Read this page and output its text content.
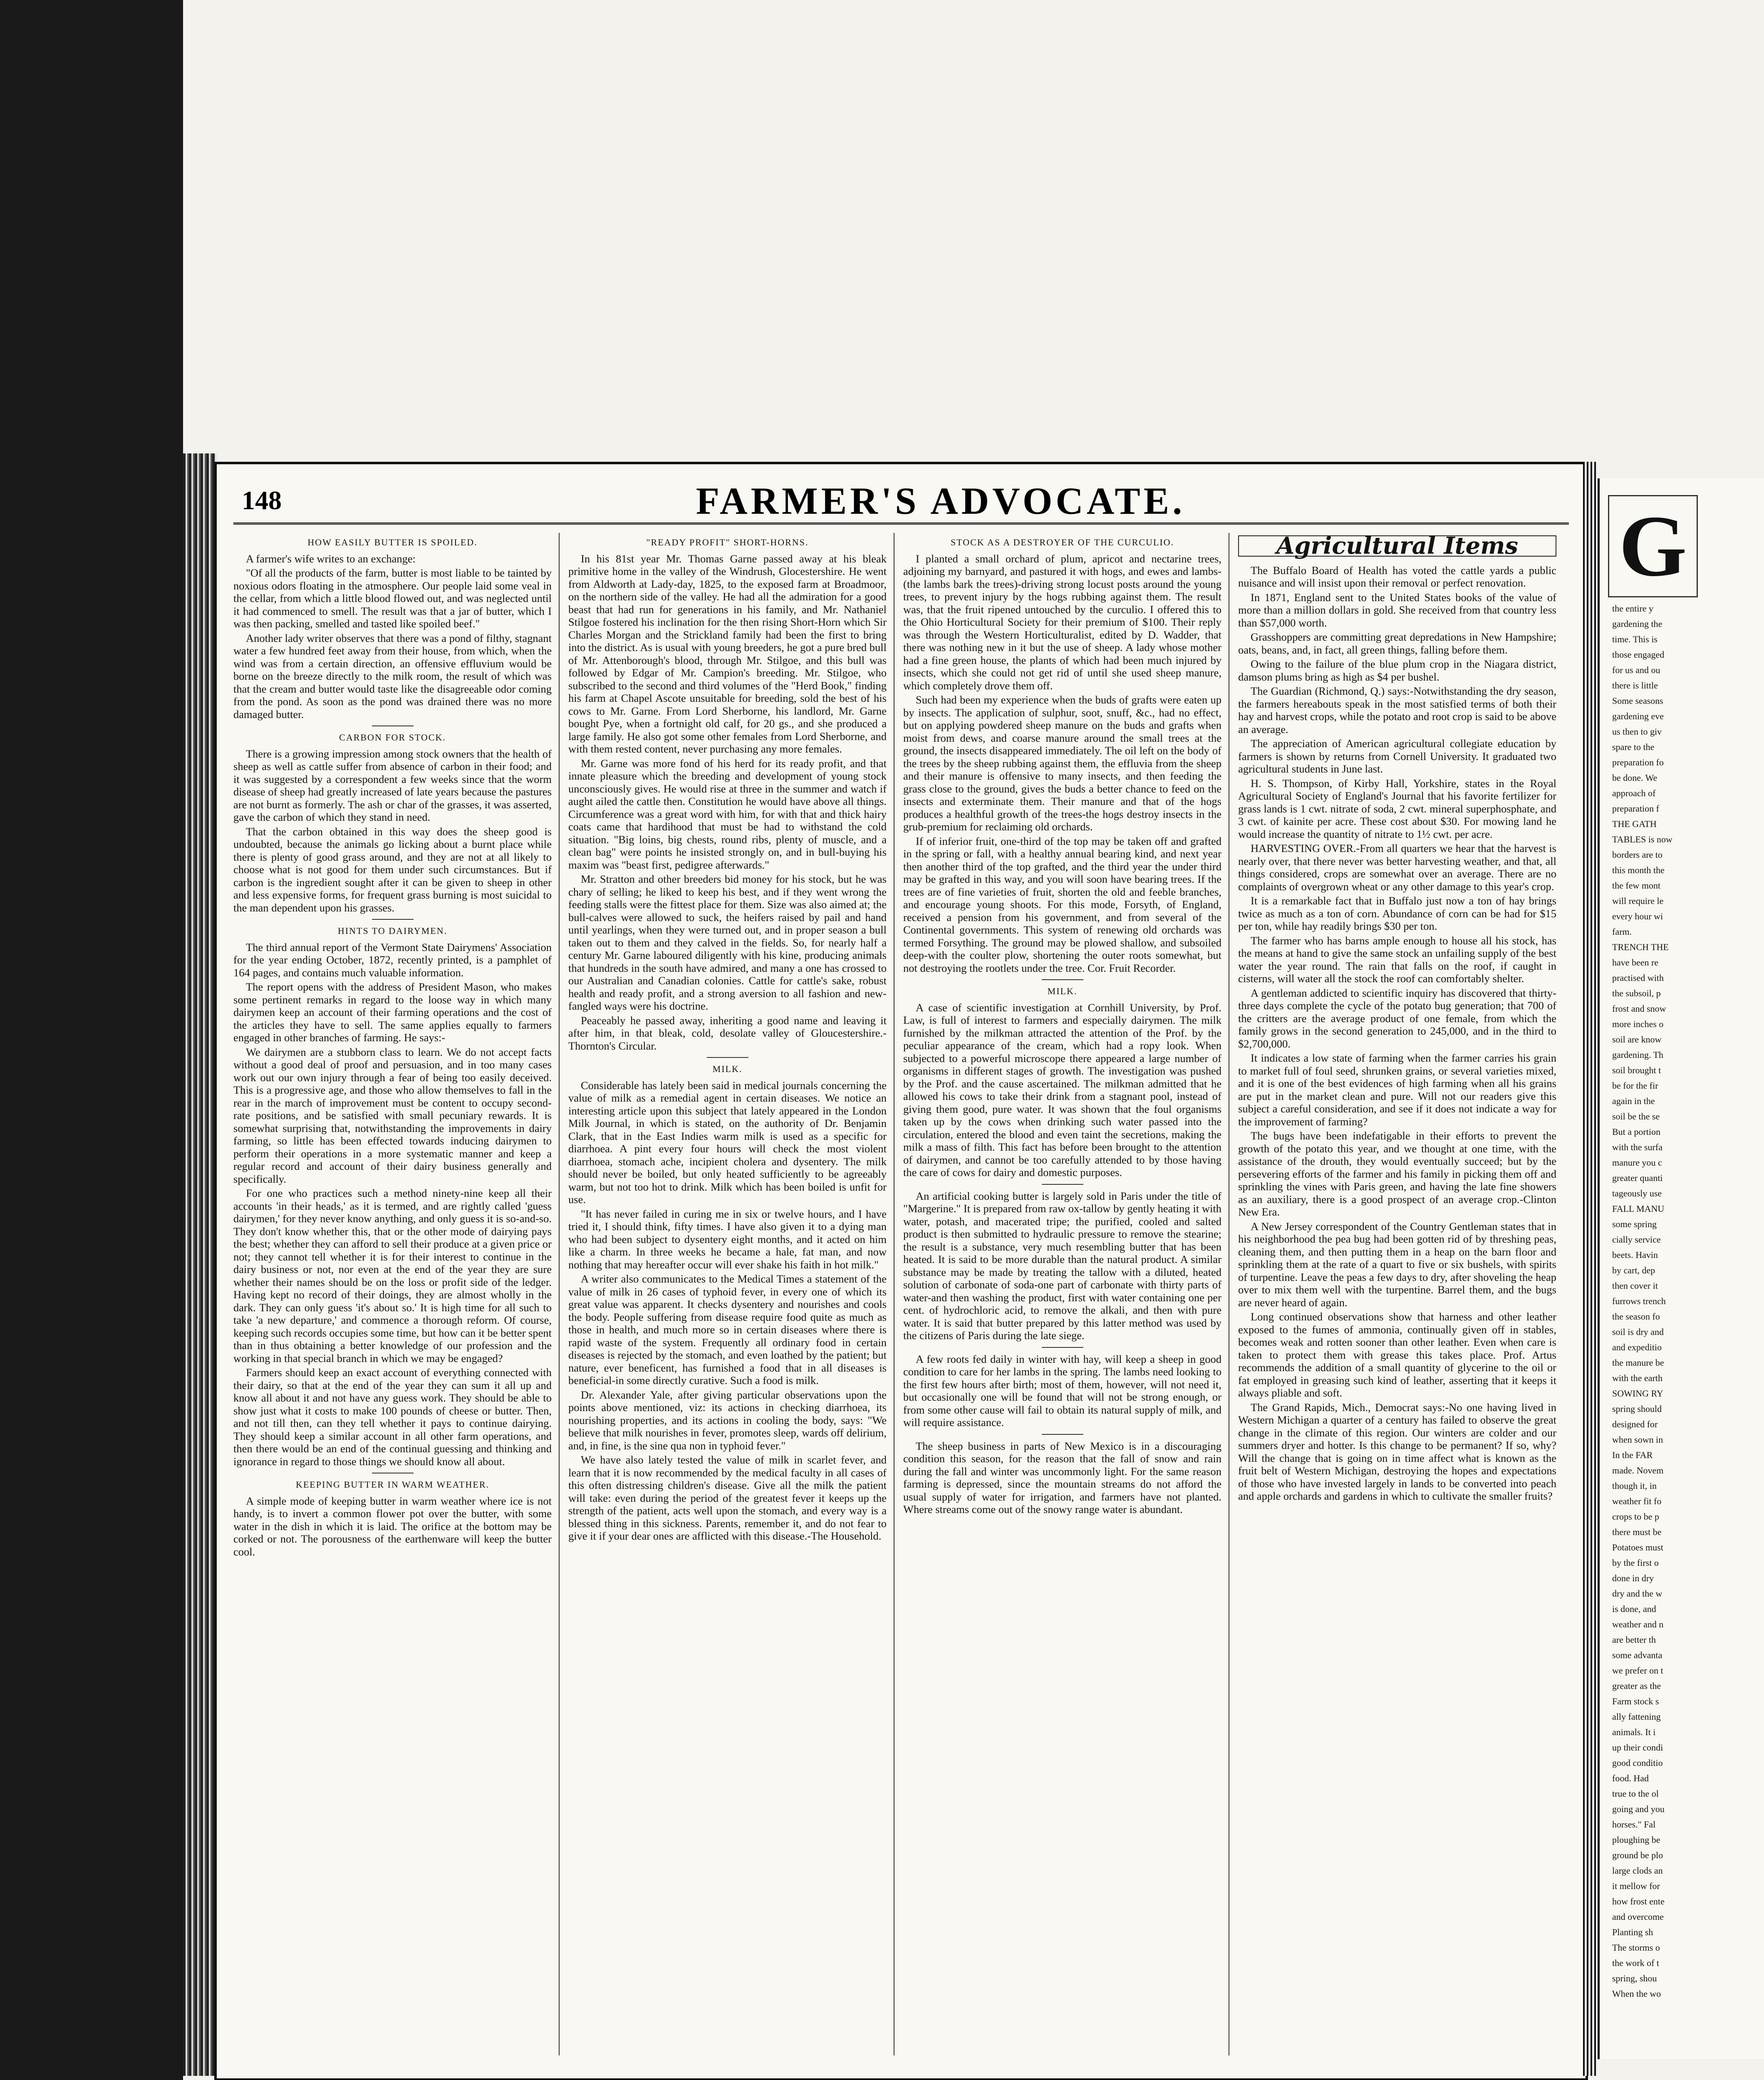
148	FARMER'S ADVOCATE.
HOW EASILY BUTTER IS SPOILED.

A farmer's wife writes to an exchange:

"Of all the products of the farm, butter is most liable to be tainted by noxious odors floating in the atmosphere. Our people laid some veal in the cellar, from which a little blood flowed out, and was neglected until it had commenced to smell. The result was that a jar of butter, which I was then packing, smelled and tasted like spoiled beef."

Another lady writer observes that there was a pond of filthy, stagnant water a few hundred feet away from their house, from which, when the wind was from a certain direction, an offensive effluvium would be borne on the breeze directly to the milk room, the result of which was that the cream and butter would taste like the disagreeable odor coming from the pond. As soon as the pond was drained there was no more damaged butter.

CARBON FOR STOCK.

There is a growing impression among stock owners that the health of sheep as well as cattle suffer from absence of carbon in their food; and it was suggested by a correspondent a few weeks since that the worm disease of sheep had greatly increased of late years because the pastures are not burnt as formerly. The ash or char of the grasses, it was asserted, gave the carbon of which they stand in need.

That the carbon obtained in this way does the sheep good is undoubted, because the animals go licking about a burnt place while there is plenty of good grass around, and they are not at all likely to choose what is not good for them under such circumstances. But if carbon is the ingredient sought after it can be given to sheep in other and less expensive forms, for frequent grass burning is most suicidal to the man dependent upon his grasses.

HINTS TO DAIRYMEN.

The third annual report of the Vermont State Dairymens' Association for the year ending October, 1872, recently printed, is a pamphlet of 164 pages, and contains much valuable information.

The report opens with the address of President Mason, who makes some pertinent remarks in regard to the loose way in which many dairymen keep an account of their farming operations and the cost of the articles they have to sell. The same applies equally to farmers engaged in other branches of farming. He says:-

We dairymen are a stubborn class to learn. We do not accept facts without a good deal of proof and persuasion, and in too many cases work out our own injury through a fear of being too easily deceived. This is a progressive age, and those who allow themselves to fall in the rear in the march of improvement must be content to occupy second-rate positions, and be satisfied with small pecuniary rewards. It is somewhat surprising that, notwithstanding the improvements in dairy farming, so little has been effected towards inducing dairymen to perform their operations in a more systematic manner and keep a regular record and account of their dairy business generally and specifically.

For one who practices such a method ninety-nine keep all their accounts 'in their heads,' as it is termed, and are rightly called 'guess dairymen,' for they never know anything, and only guess it is so-and-so. They don't know whether this, that or the other mode of dairying pays the best; whether they can afford to sell their produce at a given price or not; they cannot tell whether it is for their interest to continue in the dairy business or not, nor even at the end of the year they are sure whether their names should be on the loss or profit side of the ledger. Having kept no record of their doings, they are almost wholly in the dark. They can only guess 'it's about so.' It is high time for all such to take 'a new departure,' and commence a thorough reform. Of course, keeping such records occupies some time, but how can it be better spent than in thus obtaining a better knowledge of our profession and the working in that special branch in which we may be engaged?

Farmers should keep an exact account of everything connected with their dairy, so that at the end of the year they can sum it all up and know all about it and not have any guess work. They should be able to show just what it costs to make 100 pounds of cheese or butter. Then, and not till then, can they tell whether it pays to continue dairying. They should keep a similar account in all other farm operations, and then there would be an end of the continual guessing and thinking and ignorance in regard to those things we should know all about.

KEEPING BUTTER IN WARM WEATHER.

A simple mode of keeping butter in warm weather where ice is not handy, is to invert a common flower pot over the butter, with some water in the dish in which it is laid. The orifice at the bottom may be corked or not. The porousness of the earthenware will keep the butter cool.

"READY PROFIT" SHORT-HORNS.

In his 81st year Mr. Thomas Garne passed away at his bleak primitive home in the valley of the Windrush, Glocestershire. He went from Aldworth at Lady-day, 1825, to the exposed farm at Broadmoor, on the northern side of the valley. He had all the admiration for a good beast that had run for generations in his family, and Mr. Nathaniel Stilgoe fostered his inclination for the then rising Short-Horn which Sir Charles Morgan and the Strickland family had been the first to bring into the district. As is usual with young breeders, he got a pure bred bull of Mr. Attenborough's blood, through Mr. Stilgoe, and this bull was followed by Edgar of Mr. Campion's breeding. Mr. Stilgoe, who subscribed to the second and third volumes of the "Herd Book," finding his farm at Chapel Ascote unsuitable for breeding, sold the best of his cows to Mr. Garne. From Lord Sherborne, his landlord, Mr. Garne bought Pye, when a fortnight old calf, for 20 gs., and she produced a large family. He also got some other females from Lord Sherborne, and with them rested content, never purchasing any more females.

Mr. Garne was more fond of his herd for its ready profit, and that innate pleasure which the breeding and development of young stock unconsciously gives. He would rise at three in the summer and watch if aught ailed the cattle then. Constitution he would have above all things. Circumference was a great word with him, for with that and thick hairy coats came that hardihood that must be had to withstand the cold situation. "Big loins, big chests, round ribs, plenty of muscle, and a clean bag" were points he insisted strongly on, and in bull-buying his maxim was "beast first, pedigree afterwards."

Mr. Stratton and other breeders bid money for his stock, but he was chary of selling; he liked to keep his best, and if they went wrong the feeding stalls were the fittest place for them. Size was also aimed at; the bull-calves were allowed to suck, the heifers raised by pail and hand until yearlings, when they were turned out, and in proper season a bull taken out to them and they calved in the fields. So, for nearly half a century Mr. Garne laboured diligently with his kine, producing animals that hundreds in the south have admired, and many a one has crossed to our Australian and Canadian colonies. Cattle for cattle's sake, robust health and ready profit, and a strong aversion to all fashion and new-fangled ways were his doctrine.

Peaceably he passed away, inheriting a good name and leaving it after him, in that bleak, cold, desolate valley of Gloucestershire.- Thornton's Circular.

MILK.

Considerable has lately been said in medical journals concerning the value of milk as a remedial agent in certain diseases. We notice an interesting article upon this subject that lately appeared in the London Milk Journal, in which is stated, on the authority of Dr. Benjamin Clark, that in the East Indies warm milk is used as a specific for diarrhoea. A pint every four hours will check the most violent diarrhoea, stomach ache, incipient cholera and dysentery. The milk should never be boiled, but only heated sufficiently to be agreeably warm, but not too hot to drink. Milk which has been boiled is unfit for use.

"It has never failed in curing me in six or twelve hours, and I have tried it, I should think, fifty times. I have also given it to a dying man who had been subject to dysentery eight months, and it acted on him like a charm. In three weeks he became a hale, fat man, and now nothing that may hereafter occur will ever shake his faith in hot milk."

A writer also communicates to the Medical Times a statement of the value of milk in 26 cases of typhoid fever, in every one of which its great value was apparent. It checks dysentery and nourishes and cools the body. People suffering from disease require food quite as much as those in health, and much more so in certain diseases where there is rapid waste of the system. Frequently all ordinary food in certain diseases is rejected by the stomach, and even loathed by the patient; but nature, ever beneficent, has furnished a food that in all diseases is beneficial-in some directly curative. Such a food is milk.

Dr. Alexander Yale, after giving particular observations upon the points above mentioned, viz: its actions in checking diarrhoea, its nourishing properties, and its actions in cooling the body, says: "We believe that milk nourishes in fever, promotes sleep, wards off delirium, and, in fine, is the sine qua non in typhoid fever."

We have also lately tested the value of milk in scarlet fever, and learn that it is now recommended by the medical faculty in all cases of this often distressing children's disease. Give all the milk the patient will take: even during the period of the greatest fever it keeps up the strength of the patient, acts well upon the stomach, and every way is a blessed thing in this sickness. Parents, remember it, and do not fear to give it if your dear ones are afflicted with this disease.-The Household.

STOCK AS A DESTROYER OF THE CURCULIO.

I planted a small orchard of plum, apricot and nectarine trees, adjoining my barnyard, and pastured it with hogs, and ewes and lambs-(the lambs bark the trees)-driving strong locust posts around the young trees, to prevent injury by the hogs rubbing against them. The result was, that the fruit ripened untouched by the curculio. I offered this to the Ohio Horticultural Society for their premium of $100. Their reply was through the Western Horticulturalist, edited by D. Wadder, that there was nothing new in it but the use of sheep. A lady whose mother had a fine green house, the plants of which had been much injured by insects, which she could not get rid of until she used sheep manure, which completely drove them off.

Such had been my experience when the buds of grafts were eaten up by insects. The application of sulphur, soot, snuff, &c., had no effect, but on applying powdered sheep manure on the buds and grafts when moist from dews, and coarse manure around the small trees at the ground, the insects disappeared immediately. The oil left on the body of the trees by the sheep rubbing against them, the effluvia from the sheep and their manure is offensive to many insects, and then feeding the grass close to the ground, gives the buds a better chance to feed on the insects and exterminate them. Their manure and that of the hogs produces a healthful growth of the trees-the hogs destroy insects in the grub-premium for reclaiming old orchards.

If of inferior fruit, one-third of the top may be taken off and grafted in the spring or fall, with a healthy annual bearing kind, and next year then another third of the top grafted, and the third year the under third may be grafted in this way, and you will soon have bearing trees. If the trees are of fine varieties of fruit, shorten the old and feeble branches, and encourage young shoots. For this mode, Forsyth, of England, received a pension from his government, and from several of the Continental governments. This system of renewing old orchards was termed Forsything. The ground may be plowed shallow, and subsoiled deep-with the coulter plow, shortening the outer roots somewhat, but not destroying the rootlets under the tree. Cor. Fruit Recorder.

MILK.

A case of scientific investigation at Cornhill University, by Prof. Law, is full of interest to farmers and especially dairymen. The milk furnished by the milkman attracted the attention of the Prof. by the peculiar appearance of the cream, which had a ropy look. When subjected to a powerful microscope there appeared a large number of organisms in different stages of growth. The investigation was pushed by the Prof. and the cause ascertained. The milkman admitted that he allowed his cows to take their drink from a stagnant pool, instead of giving them good, pure water. It was shown that the foul organisms taken up by the cows when drinking such water passed into the circulation, entered the blood and even taint the secretions, making the milk a mass of filth. This fact has before been brought to the attention of dairymen, and cannot be too carefully attended to by those having the care of cows for dairy and domestic purposes.

An artificial cooking butter is largely sold in Paris under the title of "Margerine." It is prepared from raw ox-tallow by gently heating it with water, potash, and macerated tripe; the purified, cooled and salted product is then submitted to hydraulic pressure to remove the stearine; the result is a substance, very much resembling butter that has been heated. It is said to be more durable than the natural product. A similar substance may be made by treating the tallow with a diluted, heated solution of carbonate of soda-one part of carbonate with thirty parts of water-and then washing the product, first with water containing one per cent. of hydrochloric acid, to remove the alkali, and then with pure water. It is said that butter prepared by this latter method was used by the citizens of Paris during the late siege.

A few roots fed daily in winter with hay, will keep a sheep in good condition to care for her lambs in the spring. The lambs need looking to the first few hours after birth; most of them, however, will not need it, but occasionally one will be found that will not be strong enough, or from some other cause will fail to obtain its natural supply of milk, and will require assistance.

The sheep business in parts of New Mexico is in a discouraging condition this season, for the reason that the fall of snow and rain during the fall and winter was uncommonly light. For the same reason farming is depressed, since the mountain streams do not afford the usual supply of water for irrigation, and farmers have not planted. Where streams come out of the snowy range water is abundant.

Agricultural Items

The Buffalo Board of Health has voted the cattle yards a public nuisance and will insist upon their removal or perfect renovation.

In 1871, England sent to the United States books of the value of more than a million dollars in gold. She received from that country less than $57,000 worth.

Grasshoppers are committing great depredations in New Hampshire; oats, beans, and, in fact, all green things, falling before them.

Owing to the failure of the blue plum crop in the Niagara district, damson plums bring as high as $4 per bushel.

The Guardian (Richmond, Q.) says:-Notwithstanding the dry season, the farmers hereabouts speak in the most satisfied terms of both their hay and harvest crops, while the potato and root crop is said to be above an average.

The appreciation of American agricultural collegiate education by farmers is shown by returns from Cornell University. It graduated two agricultural students in June last.

H. S. Thompson, of Kirby Hall, Yorkshire, states in the Royal Agricultural Society of England's Journal that his favorite fertilizer for grass lands is 1 cwt. nitrate of soda, 2 cwt. mineral superphosphate, and 3 cwt. of kainite per acre. These cost about $30. For mowing land he would increase the quantity of nitrate to 1½ cwt. per acre.

HARVESTING OVER.-From all quarters we hear that the harvest is nearly over, that there never was better harvesting weather, and that, all things considered, crops are somewhat over an average. There are no complaints of overgrown wheat or any other damage to this year's crop.

It is a remarkable fact that in Buffalo just now a ton of hay brings twice as much as a ton of corn. Abundance of corn can be had for $15 per ton, while hay readily brings $30 per ton.

The farmer who has barns ample enough to house all his stock, has the means at hand to give the same stock an unfailing supply of the best water the year round. The rain that falls on the roof, if caught in cisterns, will water all the stock the roof can comfortably shelter.

A gentleman addicted to scientific inquiry has discovered that thirty-three days complete the cycle of the potato bug generation; that 700 of the critters are the average product of one female, from which the family grows in the second generation to 245,000, and in the third to $2,700,000.

It indicates a low state of farming when the farmer carries his grain to market full of foul seed, shrunken grains, or several varieties mixed, and it is one of the best evidences of high farming when all his grains are put in the market clean and pure. Will not our readers give this subject a careful consideration, and see if it does not indicate a way for the improvement of farming?

The bugs have been indefatigable in their efforts to prevent the growth of the potato this year, and we thought at one time, with the assistance of the drouth, they would eventually succeed; but by the persevering efforts of the farmer and his family in picking them off and sprinkling the vines with Paris green, and having the late fine showers as an auxiliary, there is a good prospect of an average crop.-Clinton New Era.

A New Jersey correspondent of the Country Gentleman states that in his neighborhood the pea bug had been gotten rid of by threshing peas, cleaning them, and then putting them in a heap on the barn floor and sprinkling them at the rate of a quart to five or six bushels, with spirits of turpentine. Leave the peas a few days to dry, after shoveling the heap over to mix them well with the turpentine. Barrel them, and the bugs are never heard of again.

Long continued observations show that harness and other leather exposed to the fumes of ammonia, continually given off in stables, becomes weak and rotten sooner than other leather. Even when care is taken to protect them with grease this takes place. Prof. Artus recommends the addition of a small quantity of glycerine to the oil or fat employed in greasing such kind of leather, asserting that it keeps it always pliable and soft.

The Grand Rapids, Mich., Democrat says:-No one having lived in Western Michigan a quarter of a century has failed to observe the great change in the climate of this region. Our winters are colder and our summers dryer and hotter. Is this change to be permanent? If so, why? Will the change that is going on in time affect what is known as the fruit belt of Western Michigan, destroying the hopes and expectations of those who have invested largely in lands to be converted into peach and apple orchards and gardens in which to cultivate the smaller fruits?

G
the entire y
gardening the
time. This is
those engaged
for us and ou
there is little
Some seasons
gardening eve
us then to giv
spare to the
preparation fo
be done. We
approach of
preparation f
THE GATH
TABLES is now
borders are to
this month the
the few mont
will require le
every hour wi
farm.
TRENCH THE
have been re
practised with
the subsoil, p
frost and snow
more inches o
soil are know
gardening. Th
soil brought t
be for the fir
again in the
soil be the se
But a portion
with the surfa
manure you c
greater quanti
tageously use
FALL MANU
some spring
cially service
beets. Havin
by cart, dep
then cover it
furrows trench
the season fo
soil is dry and
and expeditio
the manure be
with the earth
SOWING RY
spring should
designed for
when sown in
In the FAR
made. Novem
though it, in
weather fit fo
crops to be p
there must be
Potatoes must
by the first o
done in dry
dry and the w
is done, and
weather and n
are better th
some advanta
we prefer on t
greater as the
Farm stock s
ally fattening
animals. It i
up their condi
good conditio
food. Had
true to the ol
going and you
horses." Fal
ploughing be
ground be plo
large clods an
it mellow for
how frost ente
and overcome
Planting sh
The storms o
the work of t
spring, shou
When the wo
